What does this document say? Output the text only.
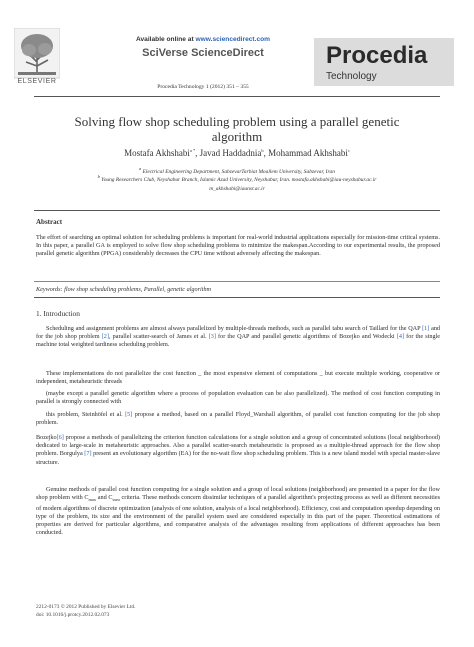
ELSEVIER
Available online at www.sciencedirect.com
SciVerse ScienceDirect
Procedia Technology 1 (2012) 351 – 355
Procedia
Technology
Solving flow shop scheduling problem using a parallel genetic
algorithm
Mostafa Akhshabi$^{a *}$, Javad Haddadnia$^b$, Mohammad Akhshabi$^c$
$^a$ Electrical Engineering Department, SabzevarTarbiat Moallem University, Sabzevar, Iran
$^b$ Young Researchers Club, Neyshabur Branch, Islamic Azad University, Neyshabur, Iran. mostafa.akhshabi@iau-neyshabur.ac.ir
m_akhshabi@iaunsr.ac.ir
Abstract
The effort of searching an optimal solution for scheduling problems is important for real-world industrial applications especially for mission-time critical systems. In this paper, a parallel GA is employed to solve flow shop scheduling problems to minimize the makespan.According to our experimental results, the proposed parallel genetic algorithm (PPGA) considerably decreases the CPU time without adversely affecting the makespan.
Keywords: flow shop scheduling problems, Parallel, genetic algorithm
1. Introduction
Scheduling and assignment problems are almost always parallelized by multiple-threads methods, such as parallel tabu search of Taillard for the QAP [1] and for the job shop problem [2], parallel scatter-search of James et al. [3] for the QAP and parallel genetic algorithms of Bozejko and Wodecki [4] for the single machine total weighted tardiness scheduling problem.
These implementations do not parallelize the cost function _ the most expensive element of computations _ but execute multiple working, cooperative or independent, metaheuristic threads
(maybe except a parallel genetic algorithm where a process of population evaluation can be also parallelized). The method of cost function computing in parallel is strongly connected with
this problem, Steinhöfel et al. [5] propose a method, based on a parallel Floyd_Warshall algorithm, of parallel cost function computing for the job shop problem.
Bozejko[6] propose a methods of parallelizing the criterion function calculations for a single solution and a group of concentrated solutions (local neighborhood) dedicated to large-scale in metaheuristic approaches. Also a parallel scatter-search metaheuristic is proposed as a multiple-thread approach for the flow shop problem. Borgulya [7] present an evolutionary algorithm (EA) for the no-wait flow shop scheduling problem. This is a new island model with special master-slave structure.
Genuine methods of parallel cost function computing for a single solution and a group of local solutions (neighborhood) are presented in a paper for the flow shop problem with $C_{max}$ and $C_{sum}$ criteria. These methods concern dissimilar techniques of a parallel algorithm's projecting process as well as different necessities of modern algorithms of discrete optimization (analysis of one solution, analysis of a local neighborhood). Efficiency, cost and computation speedup depending on type of the problem, its size and the environment of the parallel system used are considered especially in this part of the paper. Theoretical estimations of properties are derived for particular algorithms, and comparative analysis of the advantages resulting from applications of different approaches has been conducted.
2212-0173 © 2012 Published by Elsevier Ltd.
doi: 10.1016/j.protcy.2012.02.073
